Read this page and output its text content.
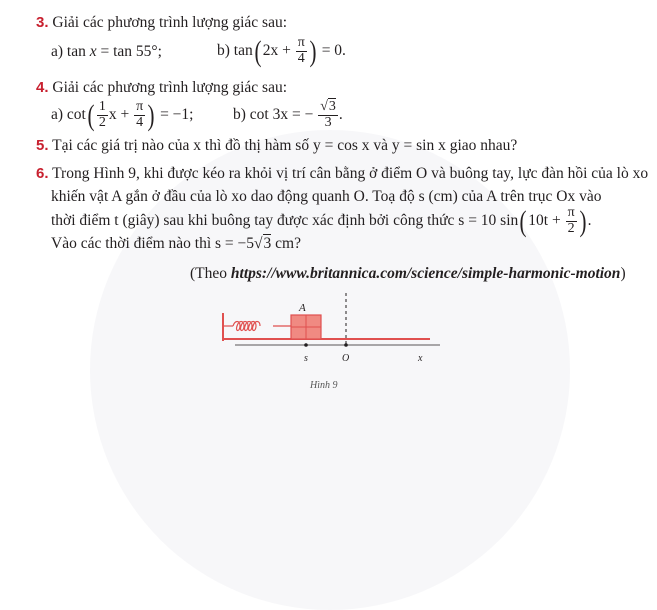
3. Giải các phương trình lượng giác sau:
a) tan x = tan 55°;	b) $\tan(2x + \frac{\pi}{4}$ ) = 0.
4. Giải các phương trình lượng giác sau:
a) $\cot( \frac{1}{2}$ $x + \frac{\pi}{4}$ ) = −1;	b) cot 3x = − $\frac{√3}{3}$ .
5. Tại các giá trị nào của x thì đồ thị hàm số y = cos x và y = sin x giao nhau?
6. Trong Hình 9, khi được kéo ra khỏi vị trí cân bằng ở điểm O và buông tay, lực đàn hồi của lò xo
khiến vật A gắn ở đầu của lò xo dao động quanh O. Toạ độ s (cm) của A trên trục Ox vào
thời điểm t (giây) sau khi buông tay được xác định bởi công thức s = 10 $\sin(10t + \frac{\pi}{2}$ ).
Vào các thời điểm nào thì s = −5√3 cm?
(Theo https://www.britannica.com/science/simple-harmonic-motion)
A
s	O	x
Hình 9
